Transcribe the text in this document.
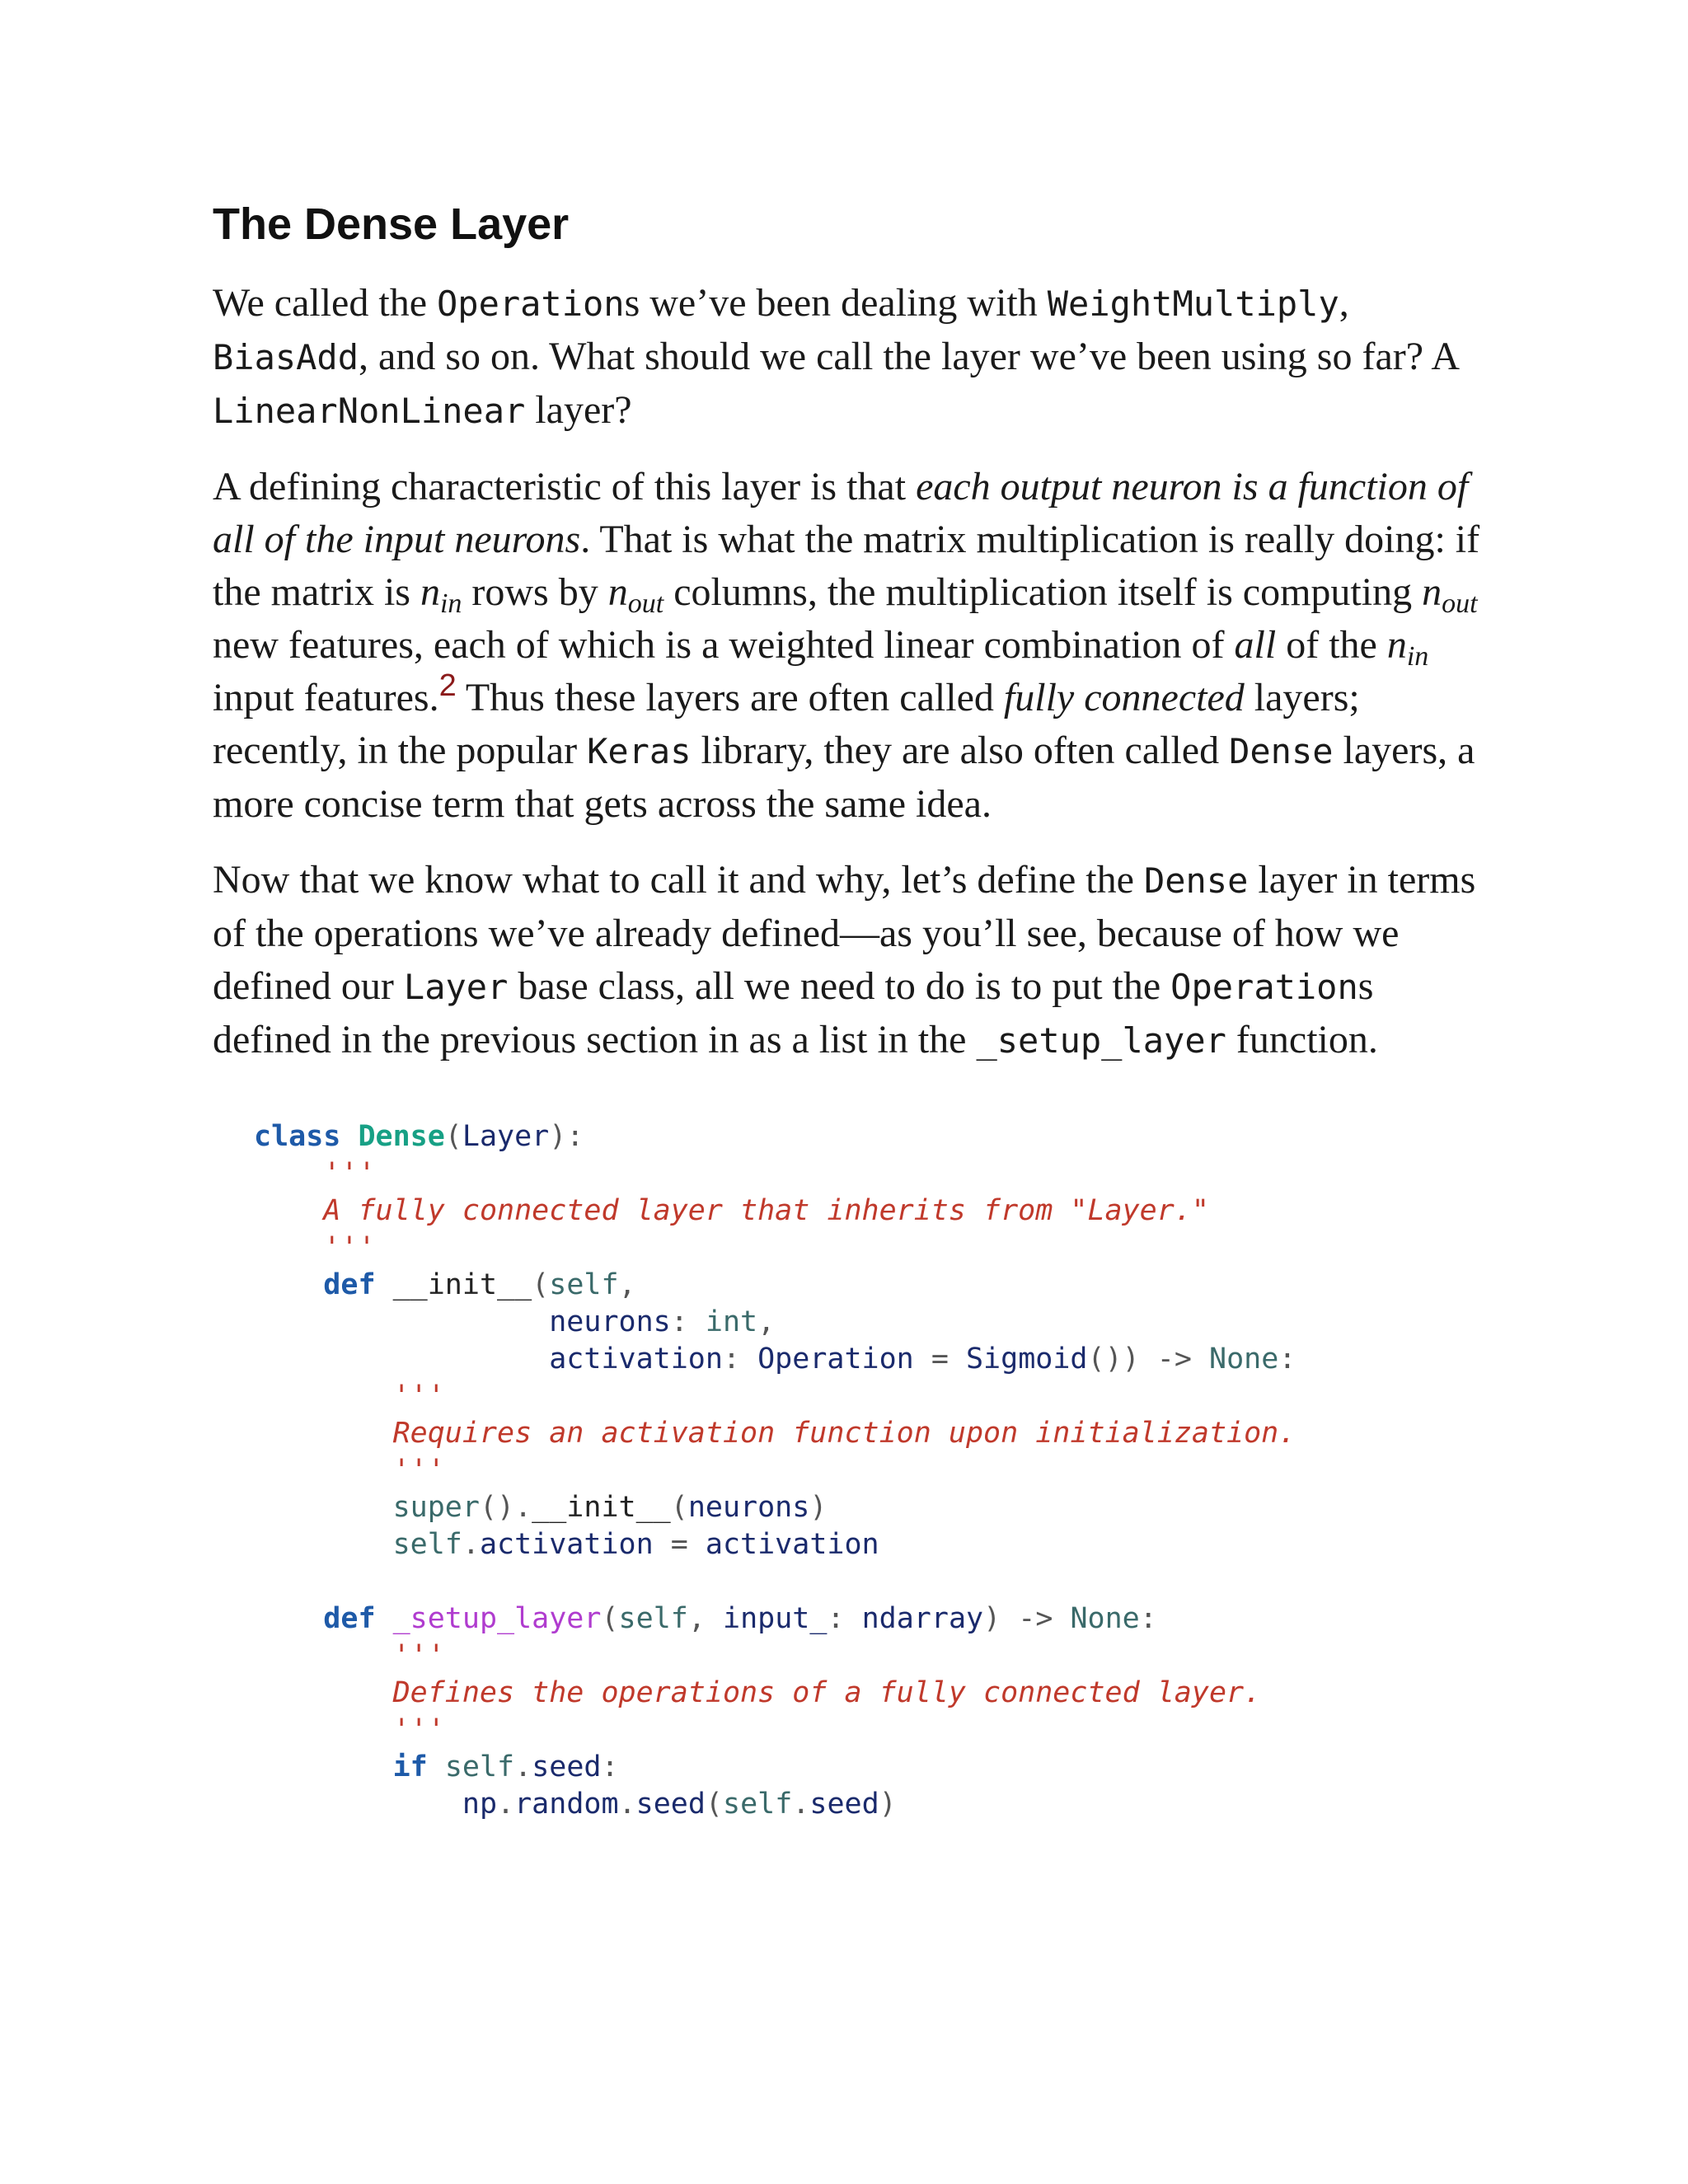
The Dense Layer

We called the Operations we’ve been dealing with WeightMultiply, BiasAdd, and so on. What should we call the layer we’ve been using so far? A LinearNonLinear layer?

A defining characteristic of this layer is that each output neuron is a function of all of the input neurons. That is what the matrix multiplication is really doing: if the matrix is $n_{in}$ rows by $n_{out}$ columns, the multiplication itself is computing $n_{out}$ new features, each of which is a weighted linear combination of all of the $n_{in}$ input features.$^2$ Thus these layers are often called fully connected layers; recently, in the popular Keras library, they are also often called Dense layers, a more concise term that gets across the same idea.

Now that we know what to call it and why, let’s define the Dense layer in terms of the operations we’ve already defined—as you’ll see, because of how we defined our Layer base class, all we need to do is to put the Operations defined in the previous section in as a list in the _setup_layer function.

class Dense(Layer):
'''
A fully connected layer that inherits from "Layer."
'''
def __init__(self,
neurons: int,
activation: Operation = Sigmoid()) -> None:
'''
Requires an activation function upon initialization.
'''
super().__init__(neurons)
self.activation = activation

def _setup_layer(self, input_: ndarray) -> None:
'''
Defines the operations of a fully connected layer.
'''
if self.seed:
np.random.seed(self.seed)
